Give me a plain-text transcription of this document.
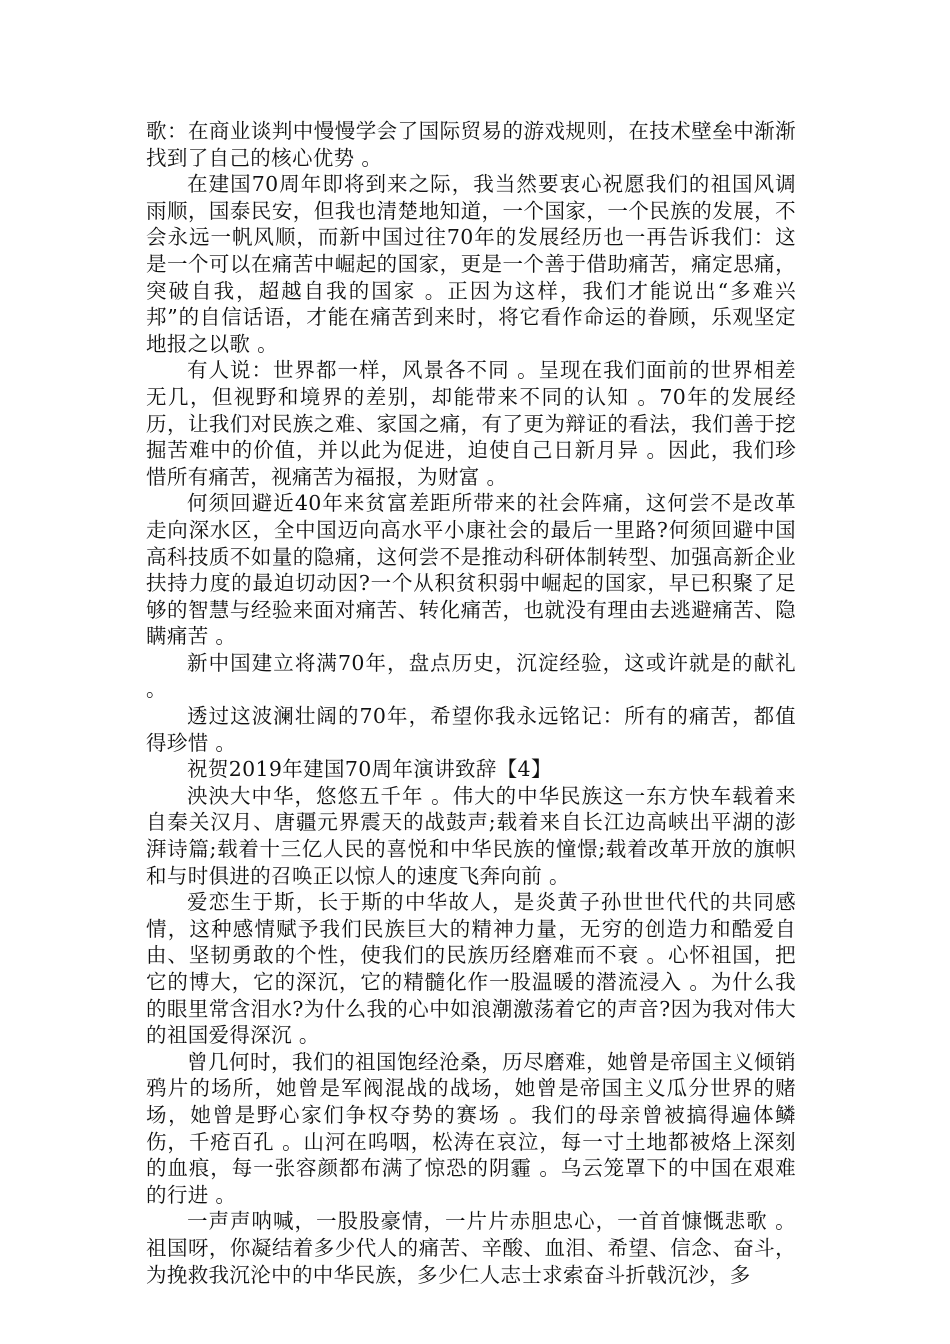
歌：在商业谈判中慢慢学会了国际贸易的游戏规则，在技术壁垒中渐渐找到了自己的核心优势 。

在建国70周年即将到来之际，我当然要衷心祝愿我们的祖国风调雨顺，国泰民安，但我也清楚地知道，一个国家，一个民族的发展，不会永远一帆风顺，而新中国过往70年的发展经历也一再告诉我们：这是一个可以在痛苦中崛起的国家，更是一个善于借助痛苦，痛定思痛，突破自我，超越自我的国家 。正因为这样，我们才能说出“多难兴邦”的自信话语，才能在痛苦到来时，将它看作命运的眷顾，乐观坚定地报之以歌 。

有人说：世界都一样，风景各不同 。呈现在我们面前的世界相差无几，但视野和境界的差别，却能带来不同的认知 。70年的发展经历，让我们对民族之难、家国之痛，有了更为辩证的看法，我们善于挖掘苦难中的价值，并以此为促进，迫使自己日新月异 。因此，我们珍惜所有痛苦，视痛苦为福报，为财富 。

何须回避近40年来贫富差距所带来的社会阵痛，这何尝不是改革走向深水区，全中国迈向高水平小康社会的最后一里路?何须回避中国高科技质不如量的隐痛，这何尝不是推动科研体制转型、加强高新企业扶持力度的最迫切动因?一个从积贫积弱中崛起的国家，早已积聚了足够的智慧与经验来面对痛苦、转化痛苦，也就没有理由去逃避痛苦、隐瞒痛苦 。

新中国建立将满70年，盘点历史，沉淀经验，这或许就是的献礼 。

透过这波澜壮阔的70年，希望你我永远铭记：所有的痛苦，都值得珍惜 。

祝贺2019年建国70周年演讲致辞【4】

泱泱大中华，悠悠五千年 。伟大的中华民族这一东方快车载着来自秦关汉月、唐疆元界震天的战鼓声;载着来自长江边高峡出平湖的澎湃诗篇;载着十三亿人民的喜悦和中华民族的憧憬;载着改革开放的旗帜和与时俱进的召唤正以惊人的速度飞奔向前 。

爱恋生于斯，长于斯的中华故人，是炎黄子孙世世代代的共同感情，这种感情赋予我们民族巨大的精神力量，无穷的创造力和酷爱自由、坚韧勇敢的个性，使我们的民族历经磨难而不衰 。心怀祖国，把它的博大，它的深沉，它的精髓化作一股温暖的潜流浸入 。为什么我的眼里常含泪水?为什么我的心中如浪潮激荡着它的声音?因为我对伟大的祖国爱得深沉 。

曾几何时，我们的祖国饱经沧桑，历尽磨难，她曾是帝国主义倾销鸦片的场所，她曾是军阀混战的战场，她曾是帝国主义瓜分世界的赌场，她曾是野心家们争权夺势的赛场 。我们的母亲曾被搞得遍体鳞伤，千疮百孔 。山河在呜咽，松涛在哀泣，每一寸土地都被烙上深刻的血痕，每一张容颜都布满了惊恐的阴霾 。乌云笼罩下的中国在艰难的行进 。

一声声呐喊，一股股豪情，一片片赤胆忠心，一首首慷慨悲歌 。祖国呀，你凝结着多少代人的痛苦、辛酸、血泪、希望、信念、奋斗，为挽救我沉沦中的中华民族，多少仁人志士求索奋斗折戟沉沙，多
